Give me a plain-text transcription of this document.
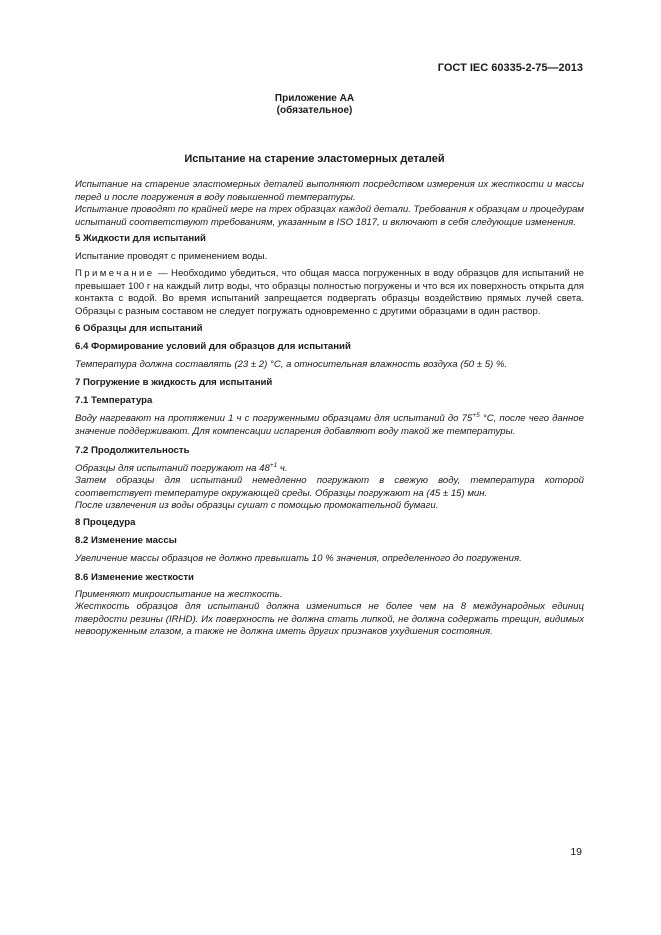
ГОСТ IEC 60335-2-75—2013
Приложение АА
(обязательное)
Испытание на старение эластомерных деталей
Испытание на старение эластомерных деталей выполняют посредством измерения их жесткости и массы перед и после погружения в воду повышенной температуры.
Испытание проводят по крайней мере на трех образцах каждой детали. Требования к образцам и процедурам испытаний соответствуют требованиям, указанным в ISO 1817, и включают в себя следующие изменения.
5 Жидкости для испытаний
Испытание проводят с применением воды.
Примечание — Необходимо убедиться, что общая масса погруженных в воду образцов для испытаний не превышает 100 г на каждый литр воды, что образцы полностью погружены и что вся их поверхность открыта для контакта с водой. Во время испытаний запрещается подвергать образцы воздействию прямых лучей света. Образцы с разным составом не следует погружать одновременно с другими образцами в один раствор.
6 Образцы для испытаний
6.4 Формирование условий для образцов для испытаний
Температура должна составлять (23 ± 2) °С, а относительная влажность воздуха (50 ± 5) %.
7 Погружение в жидкость для испытаний
7.1 Температура
Воду нагревают на протяжении 1 ч с погруженными образцами для испытаний до $75^{+5}$ °С, после чего данное значение поддерживают. Для компенсации испарения добавляют воду такой же температуры.
7.2 Продолжительность
Образцы для испытаний погружают на $48^{+1}$ ч.
Затем образцы для испытаний немедленно погружают в свежую воду, температура которой соответствует температуре окружающей среды. Образцы погружают на (45 ± 15) мин.
После извлечения из воды образцы сушат с помощью промокательной бумаги.
8 Процедура
8.2 Изменение массы
Увеличение массы образцов не должно превышать 10 % значения, определенного до погружения.
8.6 Изменение жесткости
Применяют микроиспытание на жесткость.
Жесткость образцов для испытаний должна измениться не более чем на 8 международных единиц твердости резины (IRHD). Их поверхность не должна стать липкой, не должна содержать трещин, видимых невооруженным глазом, а также не должна иметь других признаков ухудшения состояния.
19
